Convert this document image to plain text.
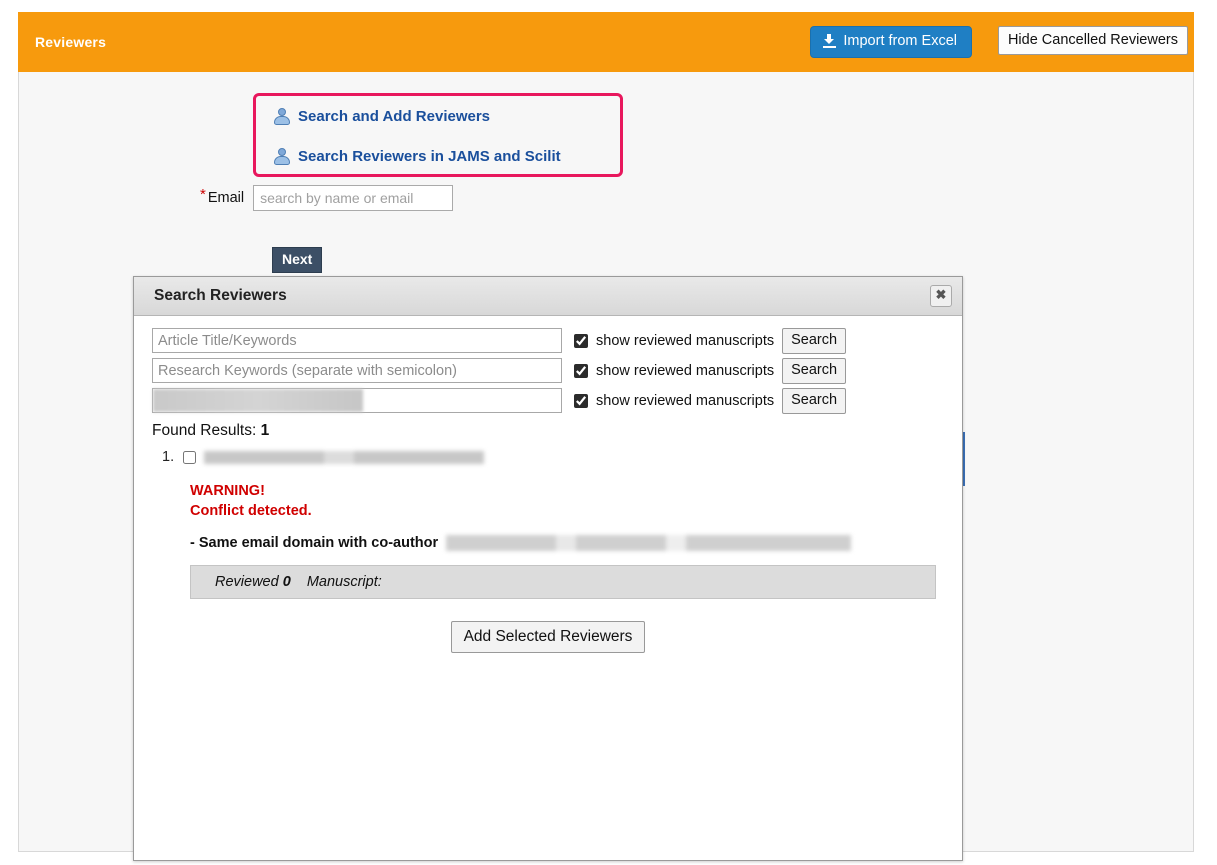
Reviewers	Import from Excel	Hide Cancelled Reviewers
Search and Add Reviewers
Search Reviewers in JAMS and Scilit
* Email
search by name or email
Next
Search Reviewers	✖
Article Title/Keywords
show reviewed manuscripts	Search
Research Keywords (separate with semicolon)
show reviewed manuscripts	Search
show reviewed manuscripts	Search
Found Results: 1
1.
WARNING!
Conflict detected.
- Same email domain with co-author
Reviewed 0 Manuscript:
Add Selected Reviewers
